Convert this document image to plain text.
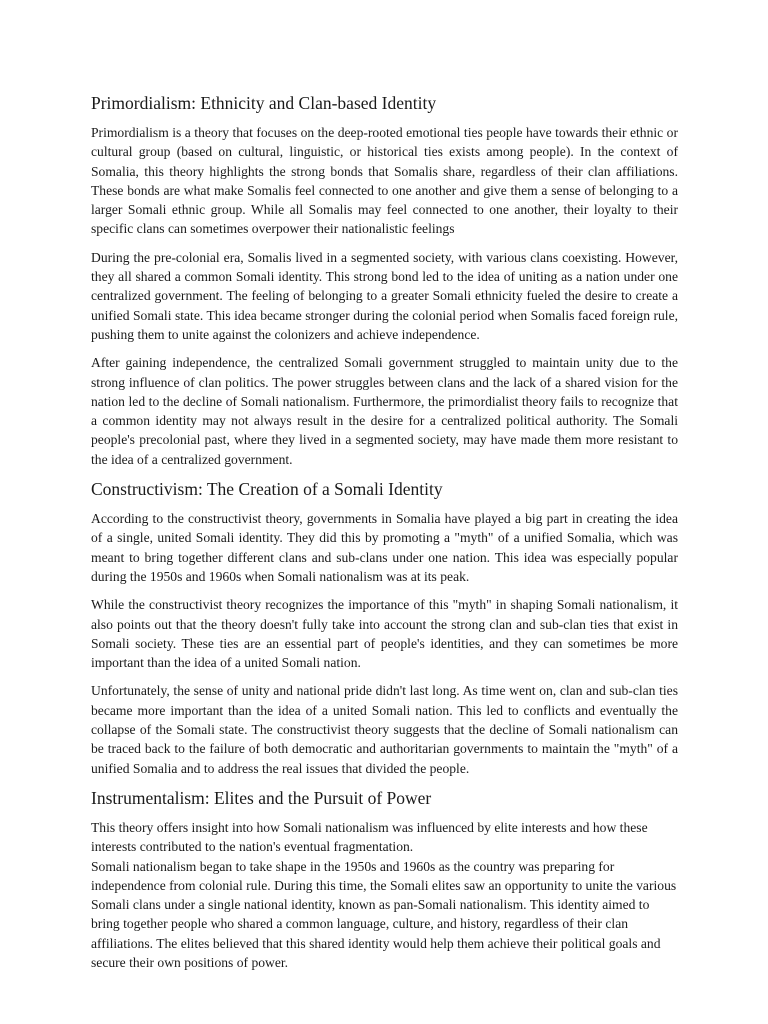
Primordialism: Ethnicity and Clan-based Identity

Primordialism is a theory that focuses on the deep-rooted emotional ties people have towards their ethnic or cultural group (based on cultural, linguistic, or historical ties exists among people). In the context of Somalia, this theory highlights the strong bonds that Somalis share, regardless of their clan affiliations. These bonds are what make Somalis feel connected to one another and give them a sense of belonging to a larger Somali ethnic group. While all Somalis may feel connected to one another, their loyalty to their specific clans can sometimes overpower their nationalistic feelings

During the pre-colonial era, Somalis lived in a segmented society, with various clans coexisting. However, they all shared a common Somali identity. This strong bond led to the idea of uniting as a nation under one centralized government. The feeling of belonging to a greater Somali ethnicity fueled the desire to create a unified Somali state. This idea became stronger during the colonial period when Somalis faced foreign rule, pushing them to unite against the colonizers and achieve independence.

After gaining independence, the centralized Somali government struggled to maintain unity due to the strong influence of clan politics. The power struggles between clans and the lack of a shared vision for the nation led to the decline of Somali nationalism. Furthermore, the primordialist theory fails to recognize that a common identity may not always result in the desire for a centralized political authority. The Somali people's precolonial past, where they lived in a segmented society, may have made them more resistant to the idea of a centralized government.

Constructivism: The Creation of a Somali Identity

According to the constructivist theory, governments in Somalia have played a big part in creating the idea of a single, united Somali identity. They did this by promoting a "myth" of a unified Somalia, which was meant to bring together different clans and sub-clans under one nation. This idea was especially popular during the 1950s and 1960s when Somali nationalism was at its peak.

While the constructivist theory recognizes the importance of this "myth" in shaping Somali nationalism, it also points out that the theory doesn't fully take into account the strong clan and sub-clan ties that exist in Somali society. These ties are an essential part of people's identities, and they can sometimes be more important than the idea of a united Somali nation.

Unfortunately, the sense of unity and national pride didn't last long. As time went on, clan and sub-clan ties became more important than the idea of a united Somali nation. This led to conflicts and eventually the collapse of the Somali state. The constructivist theory suggests that the decline of Somali nationalism can be traced back to the failure of both democratic and authoritarian governments to maintain the "myth" of a unified Somalia and to address the real issues that divided the people.

Instrumentalism: Elites and the Pursuit of Power

This theory offers insight into how Somali nationalism was influenced by elite interests and how these interests contributed to the nation's eventual fragmentation.

Somali nationalism began to take shape in the 1950s and 1960s as the country was preparing for independence from colonial rule. During this time, the Somali elites saw an opportunity to unite the various Somali clans under a single national identity, known as pan-Somali nationalism. This identity aimed to bring together people who shared a common language, culture, and history, regardless of their clan affiliations. The elites believed that this shared identity would help them achieve their political goals and secure their own positions of power.
